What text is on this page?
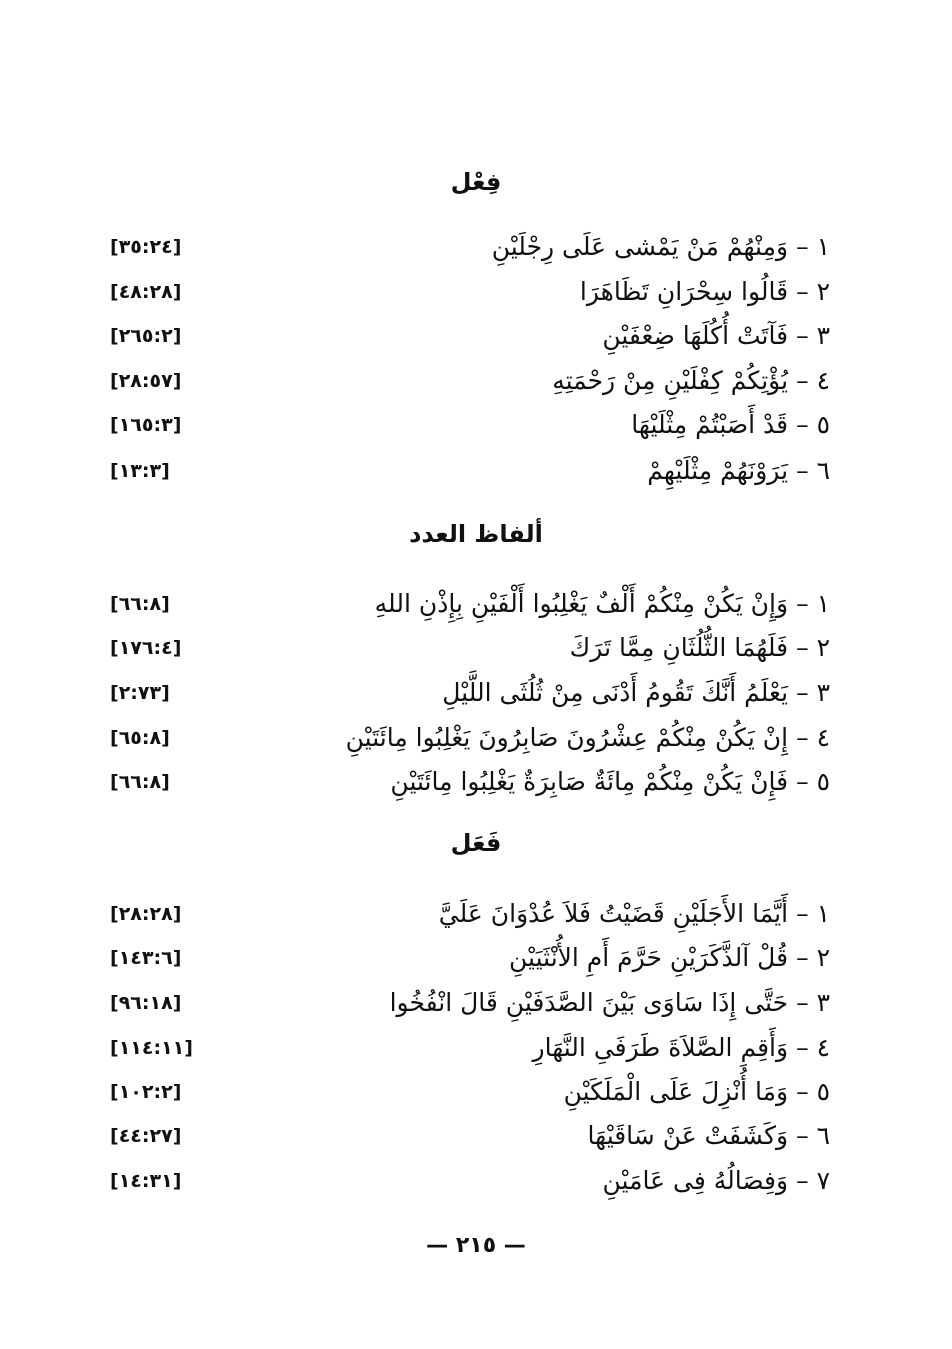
فِعْل
١–وَمِنْهُمْ مَنْ يَمْشى عَلَى رِجْلَيْنِ
[٣٥:٢٤]
٢–قَالُوا سِحْرَانِ تَظَاهَرَا
[٤٨:٢٨]
٣–فَآتَتْ أُكُلَهَا ضِعْفَيْنِ
[٢٦٥:٢]
٤–يُؤْتِكُمْ كِفْلَيْنِ مِنْ رَحْمَتِهِ
[٢٨:٥٧]
٥–قَدْ أَصَبْتُمْ مِثْلَيْهَا
[١٦٥:٣]
٦–يَرَوْنَهُمْ مِثْلَيْهِمْ
[١٣:٣]
ألفاظ العدد
١–وَإِنْ يَكُنْ مِنْكُمْ أَلْفٌ يَغْلِبُوا أَلْفَيْنِ بِإِذْنِ اللهِ
[٦٦:٨]
٢–فَلَهُمَا الثُّلُثَانِ مِمَّا تَرَكَ
[١٧٦:٤]
٣–يَعْلَمُ أَنَّكَ تَقُومُ أَدْنَى مِنْ ثُلُثَى اللَّيْلِ
[٢:٧٣]
٤–إِنْ يَكُنْ مِنْكُمْ عِشْرُونَ صَابِرُونَ يَغْلِبُوا مِائَتَيْنِ
[٦٥:٨]
٥–فَإِنْ يَكُنْ مِنْكُمْ مِائَةٌ صَابِرَةٌ يَغْلِبُوا مِائَتَيْنِ
[٦٦:٨]
فَعَل
١–أَيَّمَا الأَجَلَيْنِ قَضَيْتُ فَلاَ عُدْوَانَ عَلَيَّ
[٢٨:٢٨]
٢–قُلْ آلذَّكَرَيْنِ حَرَّمَ أَمِ الأُنْثَيَيْنِ
[١٤٣:٦]
٣–حَتَّى إِذَا سَاوَى بَيْنَ الصَّدَفَيْنِ قَالَ انْفُخُوا
[٩٦:١٨]
٤–وَأَقِمِ الصَّلاَةَ طَرَفَىِ النَّهَارِ
[١١٤:١١]
٥–وَمَا أُنْزِلَ عَلَى الْمَلَكَيْنِ
[١٠٢:٢]
٦–وَكَشَفَتْ عَنْ سَاقَيْهَا
[٤٤:٢٧]
٧–وَفِصَالُهُ فِى عَامَيْنِ
[١٤:٣١]
— ٢١٥ —
